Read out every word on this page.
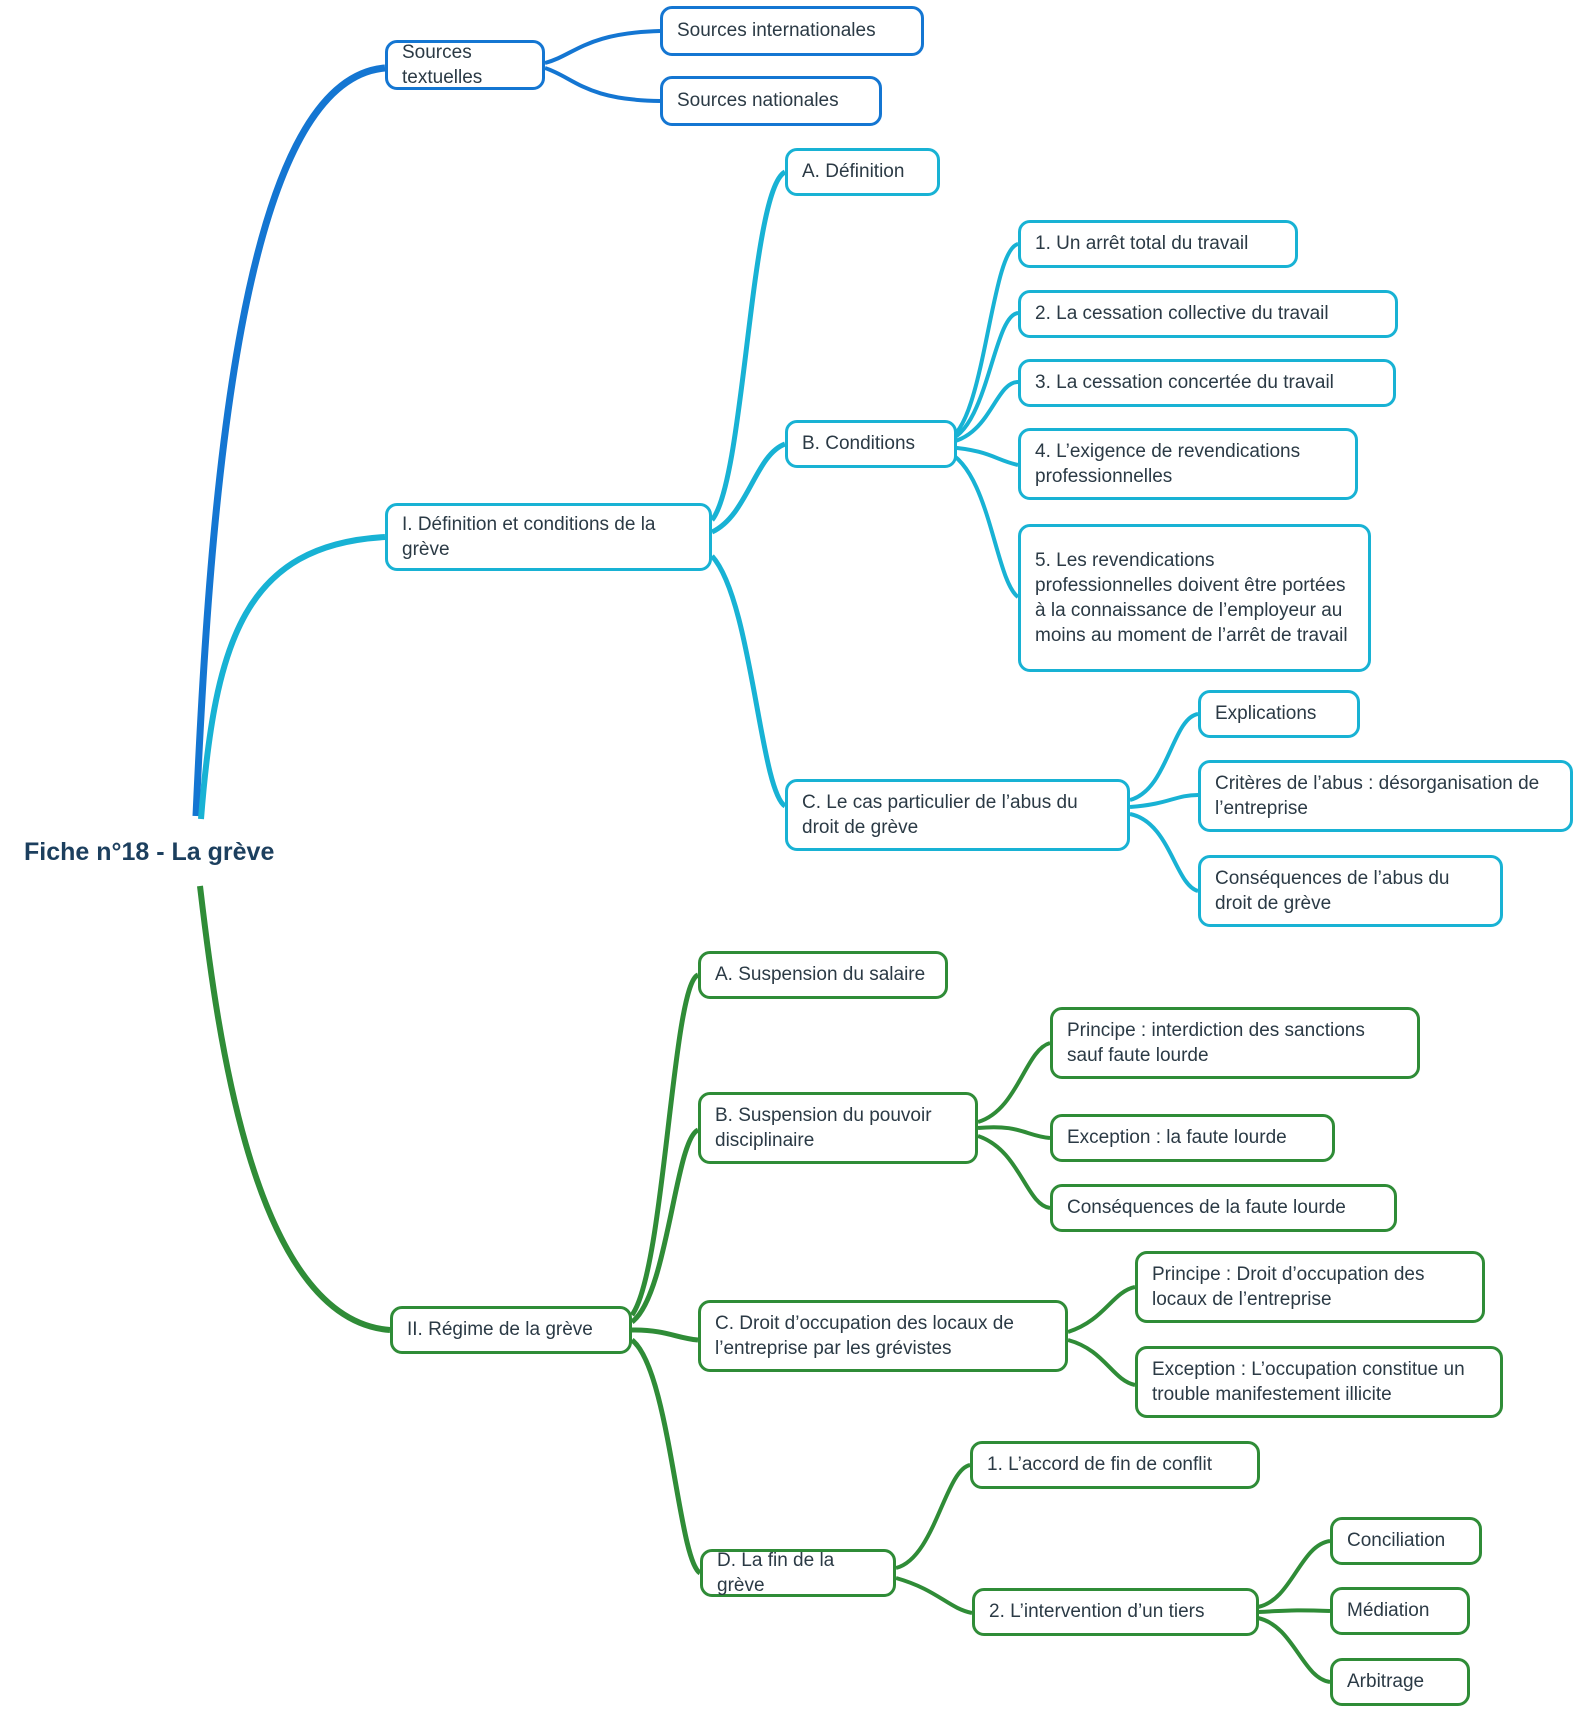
Fiche n°18 - La grève
Sources textuelles
Sources internationales
Sources nationales
I. Définition et conditions de la grève
A. Définition
B. Conditions
1. Un arrêt total du travail
2. La cessation collective du travail
3. La cessation concertée du travail
4. L’exigence de revendications professionnelles
5. Les revendications professionnelles doivent être portées à la connaissance de l’employeur au moins au moment de l’arrêt de travail
C. Le cas particulier de l’abus du droit de grève
Explications
Critères de l’abus : désorganisation de l’entreprise
Conséquences de l’abus du droit de grève
II. Régime de la grève
A. Suspension du salaire
B. Suspension du pouvoir disciplinaire
Principe : interdiction des sanctions sauf faute lourde
Exception : la faute lourde
Conséquences de la faute lourde
C. Droit d’occupation des locaux de l’entreprise par les grévistes
Principe : Droit d’occupation des locaux de l’entreprise
Exception : L’occupation constitue un trouble manifestement illicite
D. La fin de la grève
1. L’accord de fin de conflit
2. L’intervention d’un tiers
Conciliation
Médiation
Arbitrage
